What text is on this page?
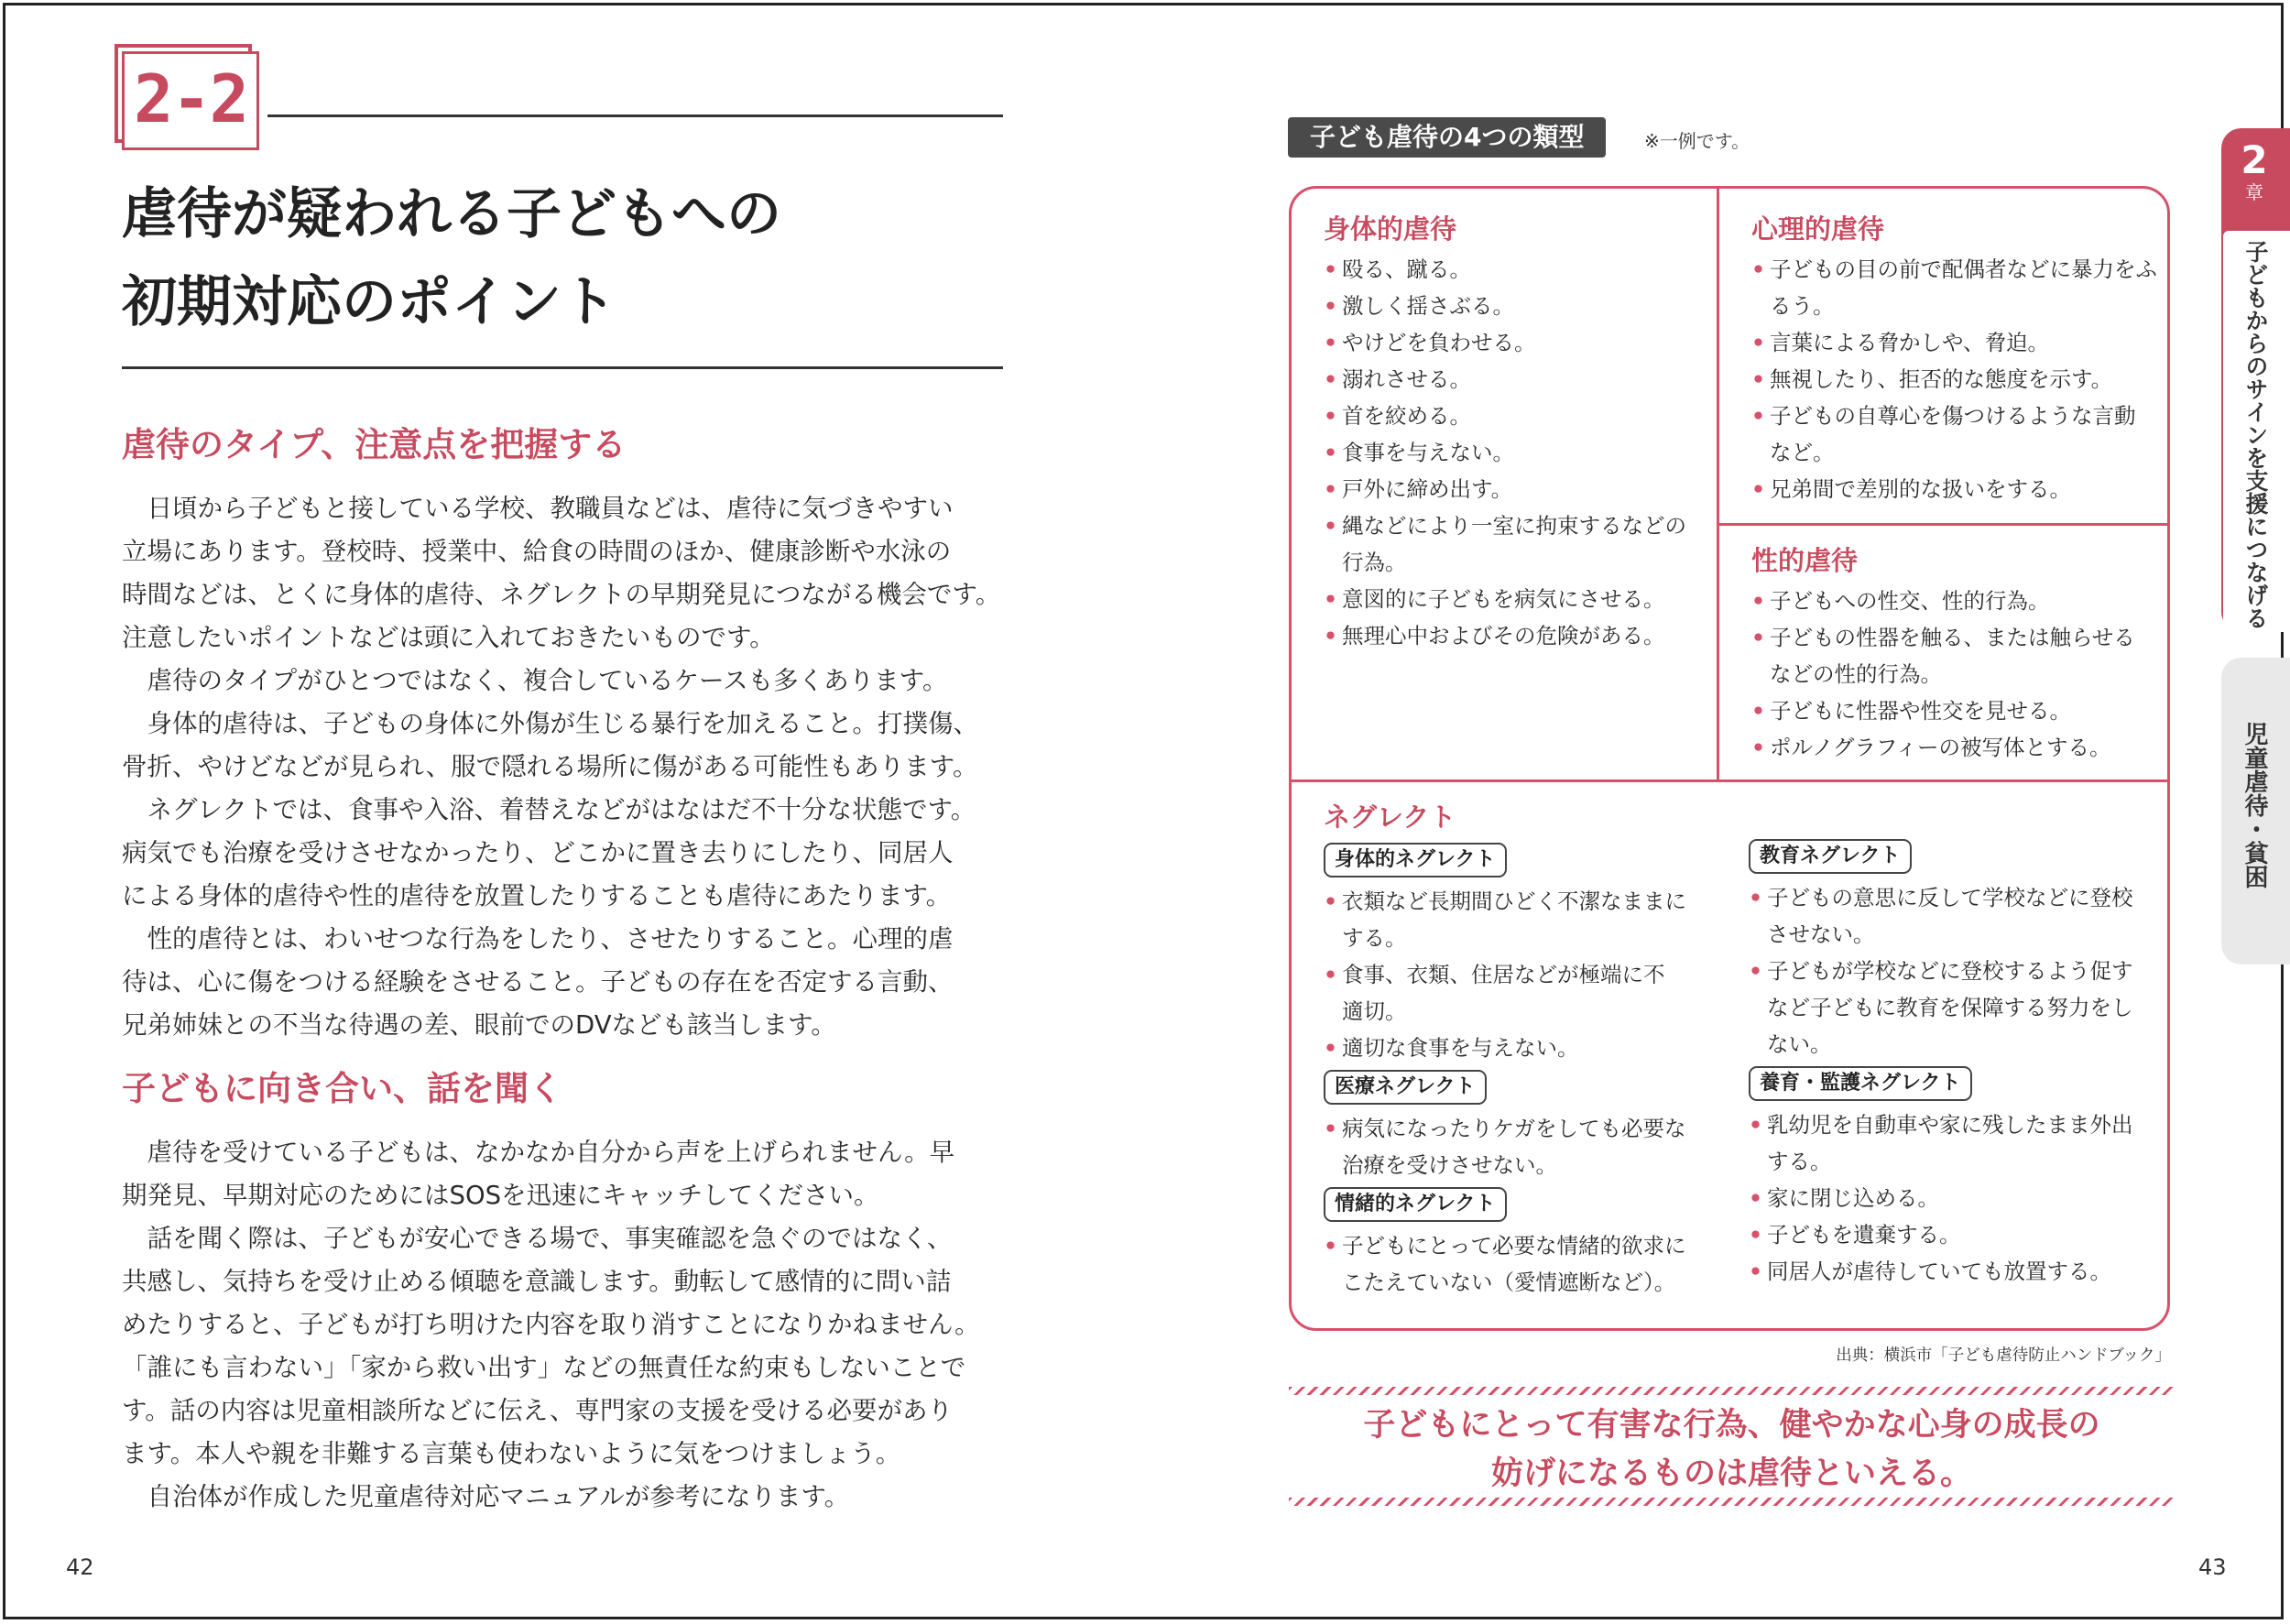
2-2
虐待が疑われる子どもへの
初期対応のポイント
虐待のタイプ、注意点を把握する

　日頃から子どもと接している学校、教職員などは、虐待に気づきやすい

立場にあります。登校時、授業中、給食の時間のほか、健康診断や水泳の

時間などは、とくに身体的虐待、ネグレクトの早期発見につながる機会です。

注意したいポイントなどは頭に入れておきたいものです。

　虐待のタイプがひとつではなく、複合しているケースも多くあります。

　身体的虐待は、子どもの身体に外傷が生じる暴行を加えること。打撲傷、

骨折、やけどなどが見られ、服で隠れる場所に傷がある可能性もあります。

　ネグレクトでは、食事や入浴、着替えなどがはなはだ不十分な状態です。

病気でも治療を受けさせなかったり、どこかに置き去りにしたり、同居人

による身体的虐待や性的虐待を放置したりすることも虐待にあたります。

　性的虐待とは、わいせつな行為をしたり、させたりすること。心理的虐

待は、心に傷をつける経験をさせること。子どもの存在を否定する言動、

兄弟姉妹との不当な待遇の差、眼前でのDVなども該当します。

子どもに向き合い、話を聞く

　虐待を受けている子どもは、なかなか自分から声を上げられません。早

期発見、早期対応のためにはSOSを迅速にキャッチしてください。

　話を聞く際は、子どもが安心できる場で、事実確認を急ぐのではなく、

共感し、気持ちを受け止める傾聴を意識します。動転して感情的に問い詰

めたりすると、子どもが打ち明けた内容を取り消すことになりかねません。

「誰にも言わない」「家から救い出す」などの無責任な約束もしないことで

す。話の内容は児童相談所などに伝え、専門家の支援を受ける必要があり

ます。本人や親を非難する言葉も使わないように気をつけましょう。

　自治体が作成した児童虐待対応マニュアルが参考になります。

42
子ども虐待の4つの類型	※一例です。
身体的虐待
• 殴る、蹴る。
• 激しく揺さぶる。
• やけどを負わせる。
• 溺れさせる。
• 首を絞める。
• 食事を与えない。
• 戸外に締め出す。
• 縄などにより一室に拘束するなどの
行為。
• 意図的に子どもを病気にさせる。
• 無理心中およびその危険がある。
心理的虐待
• 子どもの目の前で配偶者などに暴力をふ
るう。
• 言葉による脅かしや、脅迫。
• 無視したり、拒否的な態度を示す。
• 子どもの自尊心を傷つけるような言動
など。
• 兄弟間で差別的な扱いをする。
性的虐待
• 子どもへの性交、性的行為。
• 子どもの性器を触る、または触らせる
などの性的行為。
• 子どもに性器や性交を見せる。
• ポルノグラフィーの被写体とする。
ネグレクト
身体的ネグレクト
• 衣類など長期間ひどく不潔なままに
する。
• 食事、衣類、住居などが極端に不
適切。
• 適切な食事を与えない。
医療ネグレクト
• 病気になったりケガをしても必要な
治療を受けさせない。
情緒的ネグレクト
• 子どもにとって必要な情緒的欲求に
こたえていない（愛情遮断など）。
教育ネグレクト
• 子どもの意思に反して学校などに登校
させない。
• 子どもが学校などに登校するよう促す
など子どもに教育を保障する努力をし
ない。
養育・監護ネグレクト
• 乳幼児を自動車や家に残したまま外出
する。
• 家に閉じ込める。
• 子どもを遺棄する。
• 同居人が虐待していても放置する。
出典：横浜市「子ども虐待防止ハンドブック」

子どもにとって有害な行為、健やかな心身の成長の
妨げになるものは虐待といえる。

43
2
章
子どもからのサインを支援につなげる
児童虐待・貧困
